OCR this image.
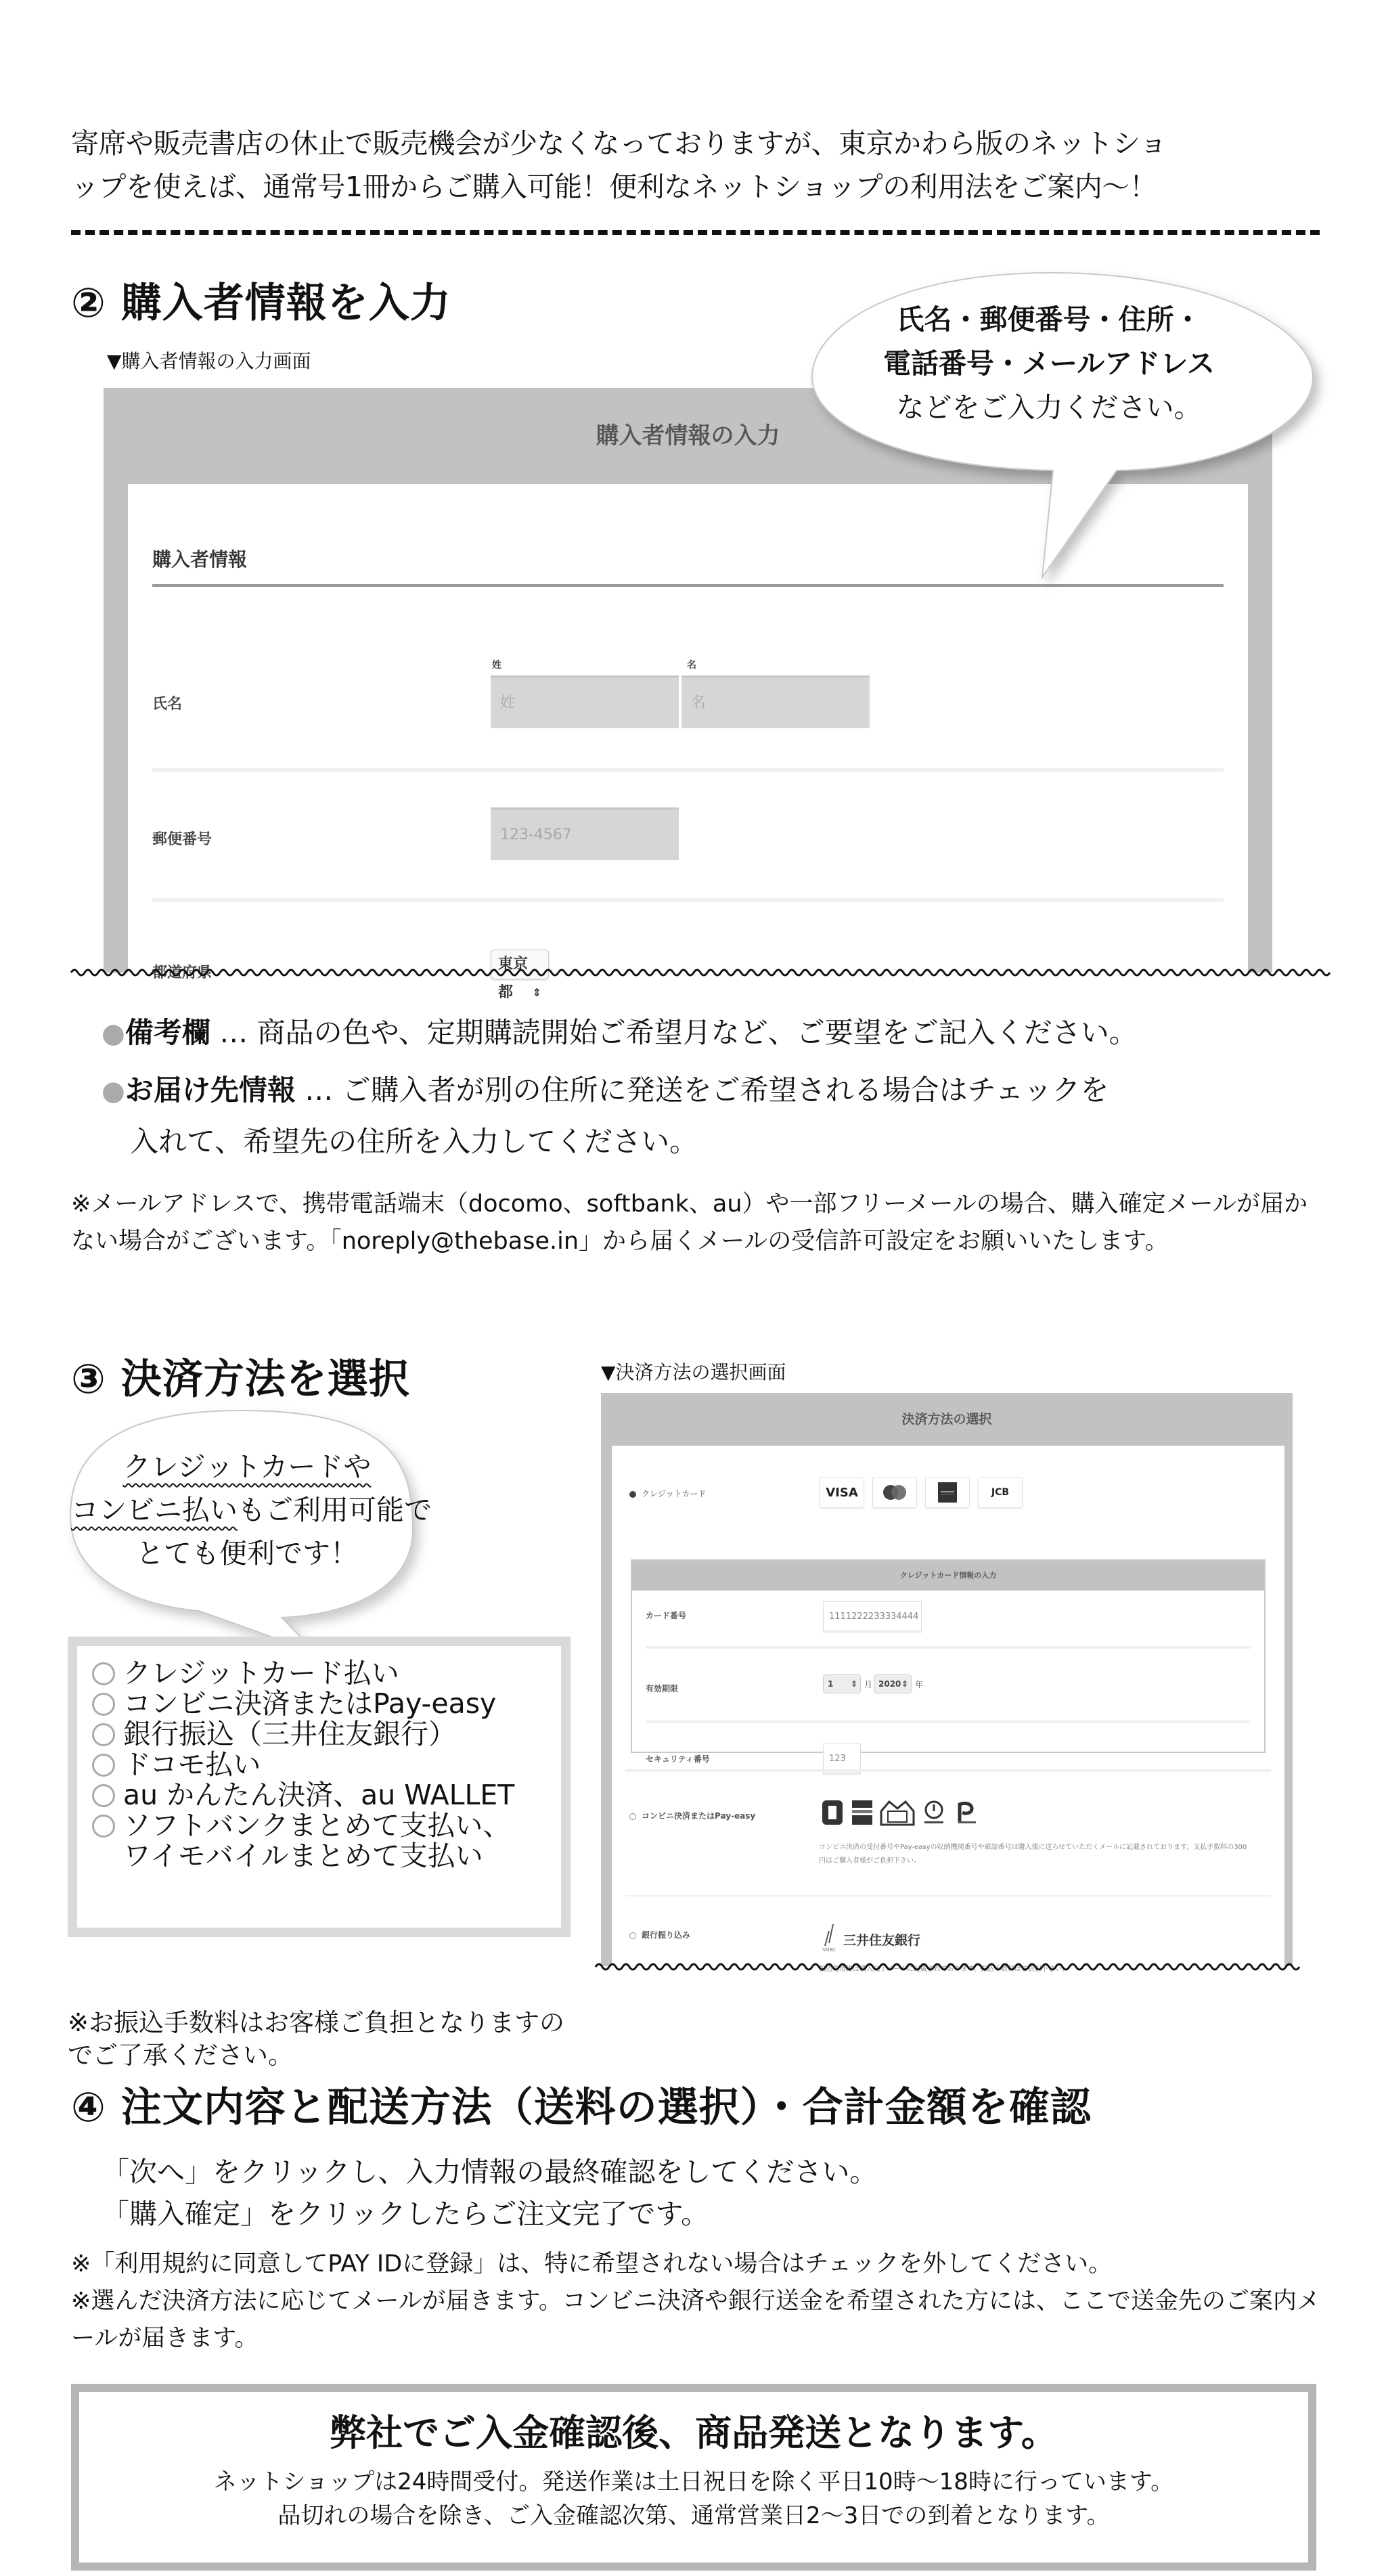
寄席や販売書店の休止で販売機会が少なくなっておりますが、東京かわら版のネットショ
ップを使えば、通常号1冊からご購入可能！便利なネットショップの利用法をご案内〜！
② 購入者情報を入力
▼購入者情報の入力画面
購入者情報の入力
購入者情報
氏名
姓
姓
名
名
郵便番号	123-4567
都道府県
東京都 ⇕
氏名・郵便番号・住所・
電話番号・メールアドレス
などをご入力ください。
●備考欄 … 商品の色や、定期購読開始ご希望月など、ご要望をご記入ください。
●お届け先情報 … ご購入者が別の住所に発送をご希望される場合はチェックを
入れて、希望先の住所を入力してください。
※メールアドレスで、携帯電話端末（docomo、softbank、au）や一部フリーメールの場合、購入確定メールが届かない場合がございます。「noreply@thebase.in」から届くメールの受信許可設定をお願いいたします。
③ 決済方法を選択	▼決済方法の選択画面
クレジットカードや
コンビニ払いもご利用可能で
とても便利です！
クレジットカード払い
コンビニ決済またはPay-easy
銀行振込（三井住友銀行）
ドコモ払い
au かんたん決済、au WALLET
ソフトバンクまとめて支払い、
ワイモバイルまとめて支払い
※お振込手数料はお客様ご負担となりますのでご了承ください。
決済方法の選択
クレジットカード	VISA	JCB
クレジットカード情報の入力
カード番号	1111222233334444
有効期限	1 ⇕ 月 2020 ⇕ 年
セキュリティ番号	123
コンビニ決済またはPay-easy
コンビニ決済の受付番号やPay-easyの収納機関番号や確認番号は購入後に送らせていただくメールに記載されております。支払手数料の300円はご購入者様がご負担下さい。
銀行振り込み
SMBC
三井住友銀行
振込先情報は購入完了メールに記載されております。振込手数料はご負担下さい。
④ 注文内容と配送方法（送料の選択）・合計金額を確認
「次へ」をクリックし、入力情報の最終確認をしてください。
「購入確定」をクリックしたらご注文完了です。
※「利用規約に同意してPAY IDに登録」は、特に希望されない場合はチェックを外してください。
※選んだ決済方法に応じてメールが届きます。コンビニ決済や銀行送金を希望された方には、ここで送金先のご案内メールが届きます。
弊社でご入金確認後、商品発送となります。
ネットショップは24時間受付。発送作業は土日祝日を除く平日10時〜18時に行っています。
品切れの場合を除き、ご入金確認次第、通常営業日2〜3日での到着となります。
